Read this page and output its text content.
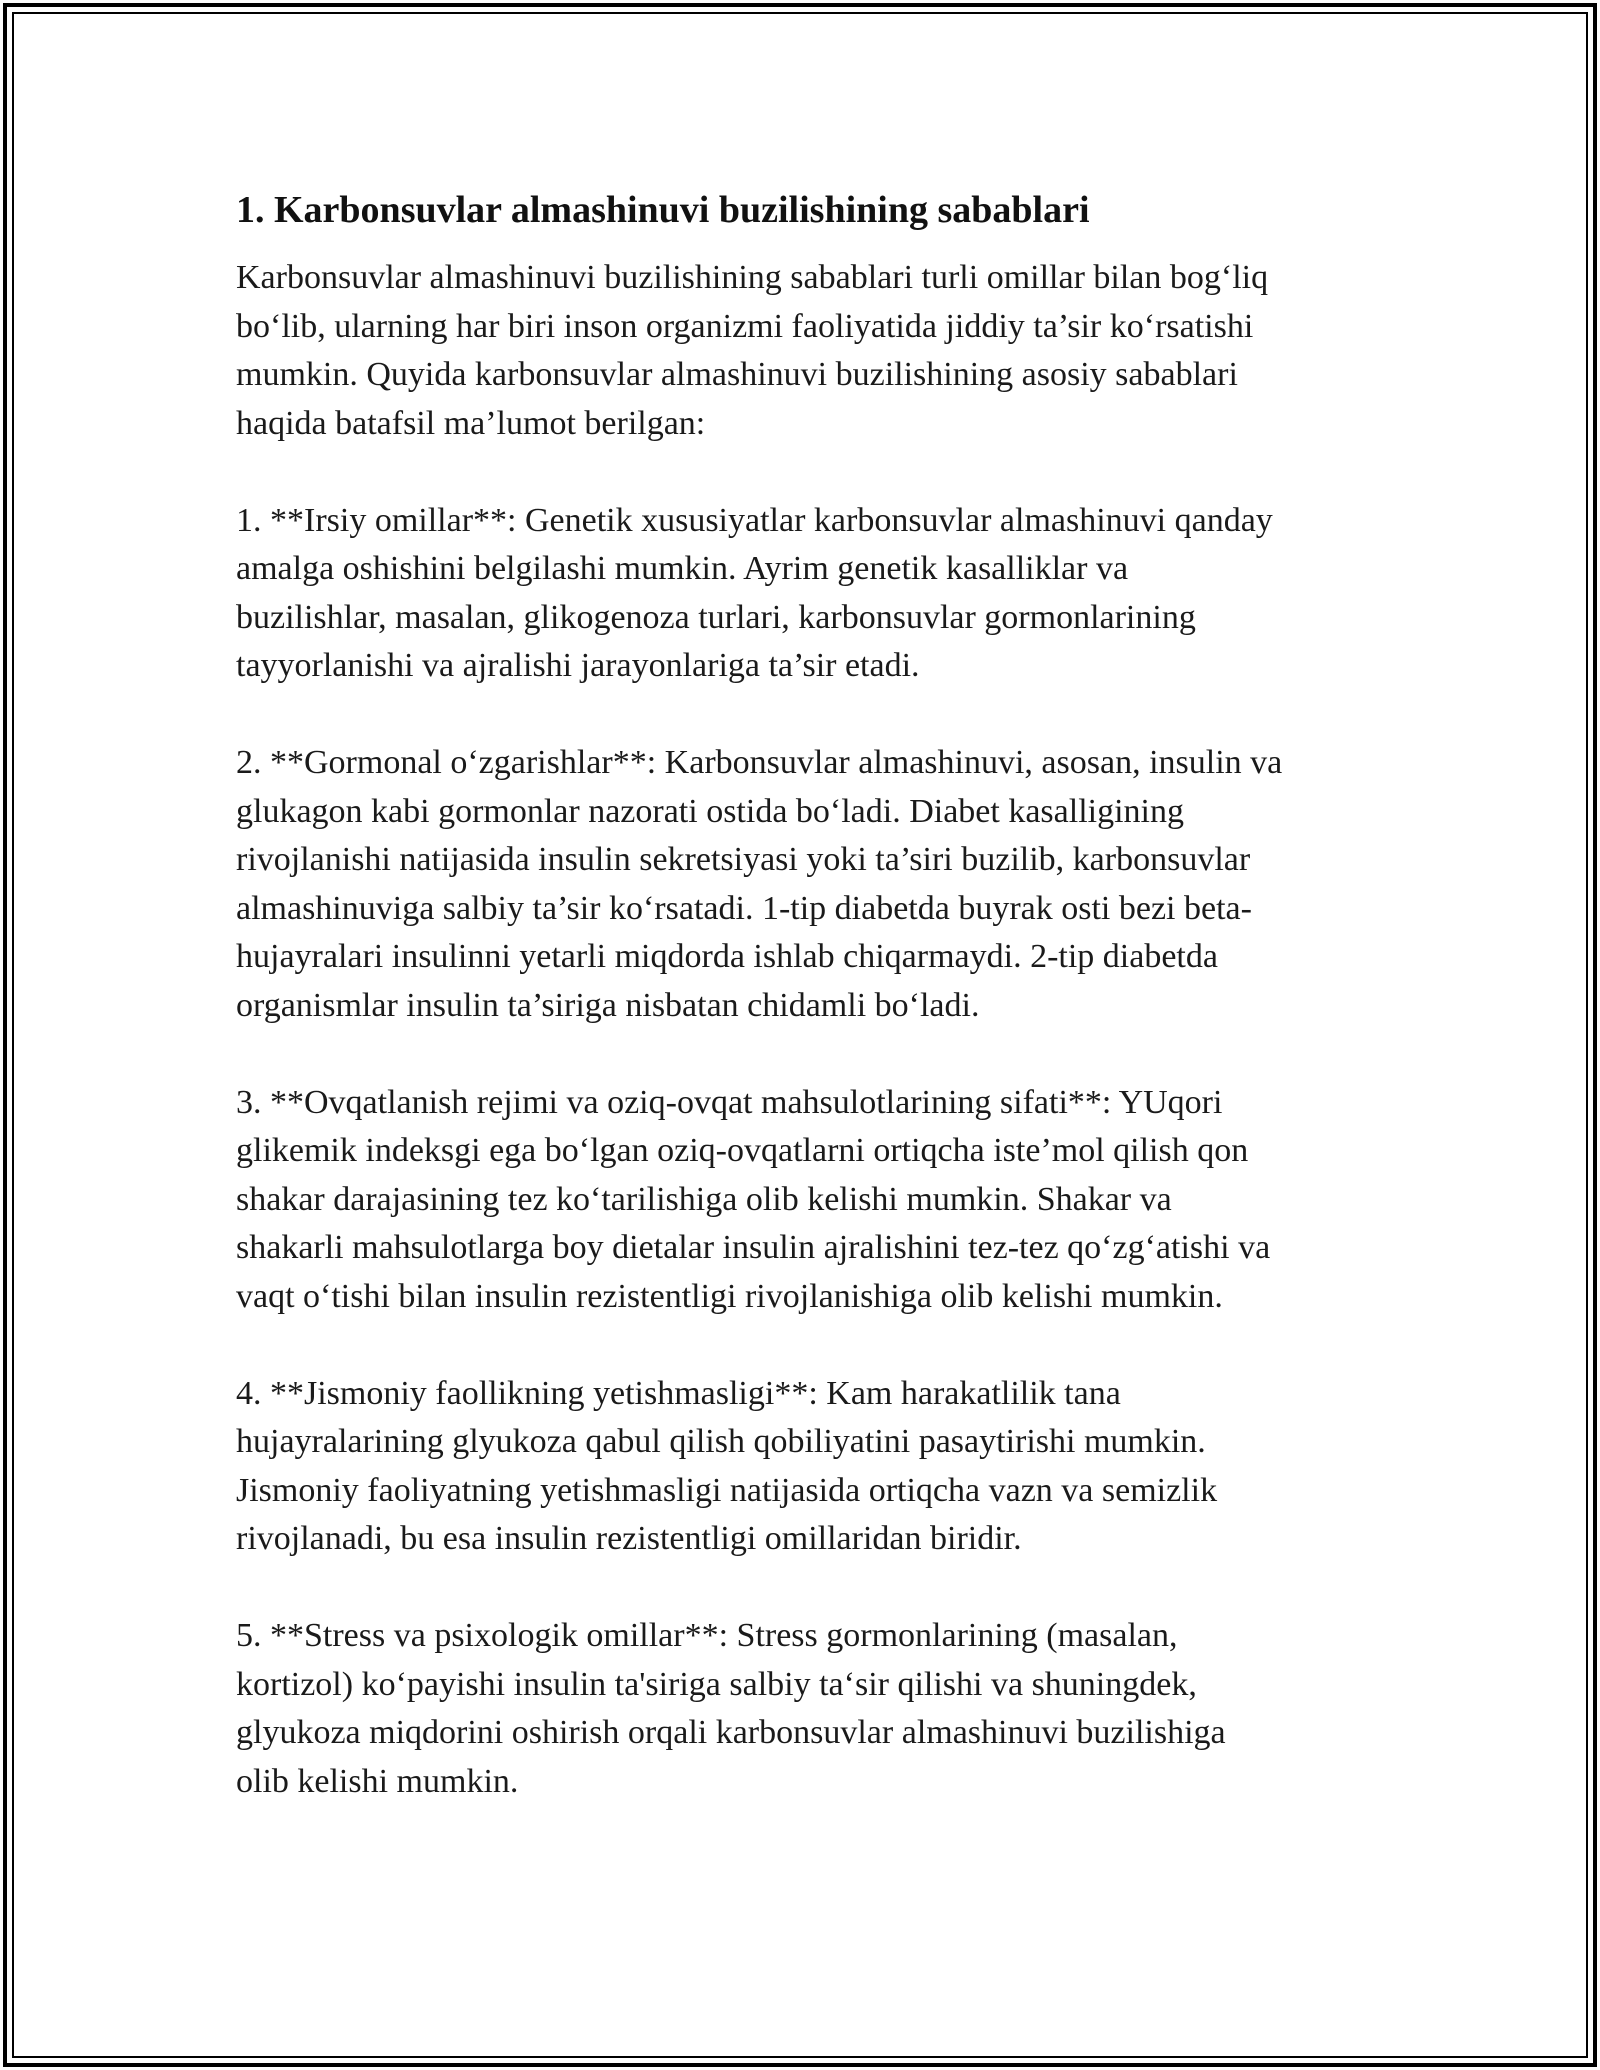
1. Karbonsuvlar almashinuvi buzilishining sabablari
Karbonsuvlar almashinuvi buzilishining sabablari turli omillar bilan bog‘liq
bo‘lib, ularning har biri inson organizmi faoliyatida jiddiy ta’sir ko‘rsatishi
mumkin. Quyida karbonsuvlar almashinuvi buzilishining asosiy sabablari
haqida batafsil ma’lumot berilgan:
1. **Irsiy omillar**: Genetik xususiyatlar karbonsuvlar almashinuvi qanday
amalga oshishini belgilashi mumkin. Ayrim genetik kasalliklar va
buzilishlar, masalan, glikogenoza turlari, karbonsuvlar gormonlarining
tayyorlanishi va ajralishi jarayonlariga ta’sir etadi.
2. **Gormonal o‘zgarishlar**: Karbonsuvlar almashinuvi, asosan, insulin va
glukagon kabi gormonlar nazorati ostida bo‘ladi. Diabet kasalligining
rivojlanishi natijasida insulin sekretsiyasi yoki ta’siri buzilib, karbonsuvlar
almashinuviga salbiy ta’sir ko‘rsatadi. 1-tip diabetda buyrak osti bezi beta-
hujayralari insulinni yetarli miqdorda ishlab chiqarmaydi. 2-tip diabetda
organismlar insulin ta’siriga nisbatan chidamli bo‘ladi.
3. **Ovqatlanish rejimi va oziq-ovqat mahsulotlarining sifati**: YUqori
glikemik indeksgi ega bo‘lgan oziq-ovqatlarni ortiqcha iste’mol qilish qon
shakar darajasining tez ko‘tarilishiga olib kelishi mumkin. Shakar va
shakarli mahsulotlarga boy dietalar insulin ajralishini tez-tez qo‘zg‘atishi va
vaqt o‘tishi bilan insulin rezistentligi rivojlanishiga olib kelishi mumkin.
4. **Jismoniy faollikning yetishmasligi**: Kam harakatlilik tana
hujayralarining glyukoza qabul qilish qobiliyatini pasaytirishi mumkin.
Jismoniy faoliyatning yetishmasligi natijasida ortiqcha vazn va semizlik
rivojlanadi, bu esa insulin rezistentligi omillaridan biridir.
5. **Stress va psixologik omillar**: Stress gormonlarining (masalan,
kortizol) ko‘payishi insulin ta'siriga salbiy ta‘sir qilishi va shuningdek,
glyukoza miqdorini oshirish orqali karbonsuvlar almashinuvi buzilishiga
olib kelishi mumkin.
